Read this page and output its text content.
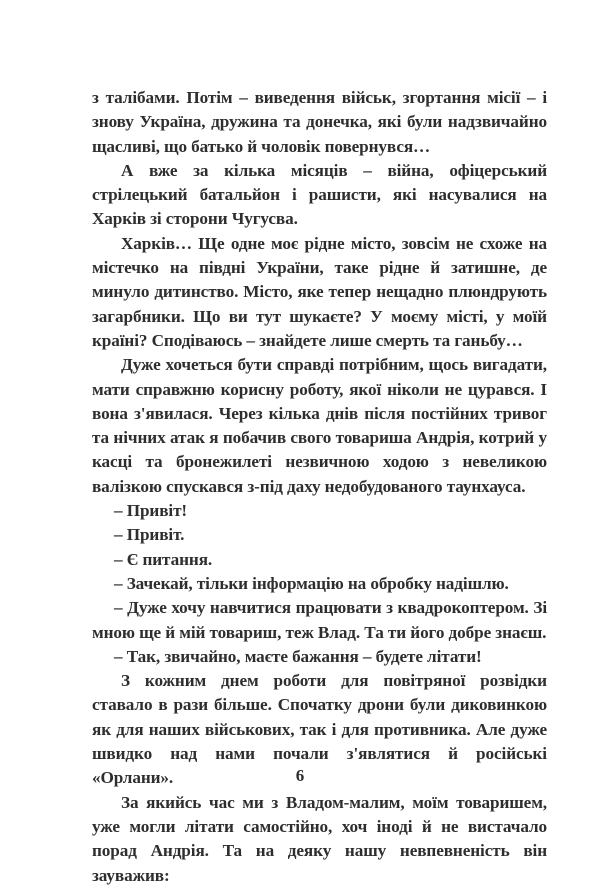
з талібами. Потім – виведення військ, згортання місії – і знову Україна, дружина та донечка, які були надзвичайно щасливі, що батько й чоловік повернувся…

А вже за кілька місяців – війна, офіцерський стрілецький батальйон і рашисти, які насувалися на Харків зі сторони Чугусва.

Харків… Ще одне моє рідне місто, зовсім не схоже на містечко на півдні України, таке рідне й затишне, де минуло дитинство. Місто, яке тепер нещадно плюндрують загарбники. Що ви тут шукаєте? У моєму місті, у моїй країні? Сподіваюсь – знайдете лише смерть та ганьбу…

Дуже хочеться бути справді потрібним, щось вигадати, мати справжню корисну роботу, якої ніколи не цурався. І вона з'явилася. Через кілька днів після постійних тривог та нічних атак я побачив свого товариша Андрія, котрий у касці та бронежилеті незвичною ходою з невеликою валізкою спускався з-під даху недобудованого таунхауса.

– Привіт!

– Привіт.

– Є питання.

– Зачекай, тільки інформацію на обробку надішлю.

– Дуже хочу навчитися працювати з квадрокоптером. Зі мною ще й мій товариш, теж Влад. Та ти його добре знаєш.

– Так, звичайно, маєте бажання – будете літати!

З кожним днем роботи для повітряної розвідки ставало в рази більше. Спочатку дрони були диковинкою як для наших військових, так і для противника. Але дуже швидко над нами почали з'являтися й російські «Орлани».

За якийсь час ми з Владом-малим, моїм товаришем, уже могли літати самостійно, хоч іноді й не вистачало порад Андрія. Та на деяку нашу невпевненість він зауважив:

6
